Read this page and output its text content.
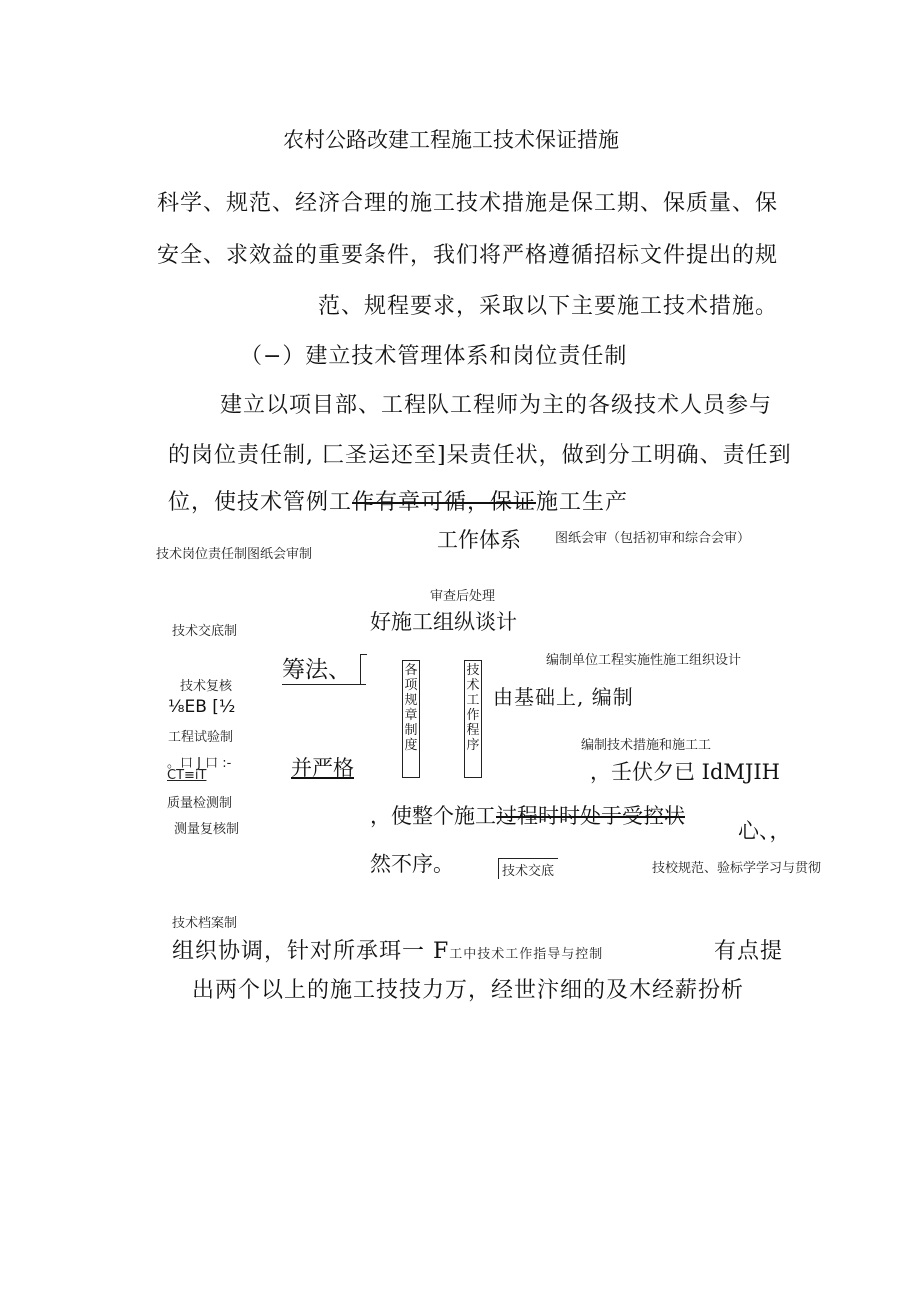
农村公路改建工程施工技术保证措施
科学、规范、经济合理的施工技术措施是保工期、保质量、保
安全、求效益的重要条件，我们将严格遵循招标文件提出的规
范、规程要求，采取以下主要施工技术措施。
（−）建立技术管理体系和岗位责任制
建立以项目部、工程队工程师为主的各级技术人员参与
的岗位责任制, 匚圣运还至]呆责任状，做到分工明确、责任到
位，使技术管例工作有章可循，保证施工生产
工作体系	图纸会审（包括初审和综合会审）
技术岗位责任制图纸会审制
审查后处理
好施工组纵谈计
技术交底制
筹法、	编制单位工程实施性施工组织设计
各项规章制度
技术工作程序
技术复核	由基础上, 编制
⅛EB [½
工程试验制
编制技术措施和施工工
。口 J 口 :-
CT≡iT	并严格	，壬伏夕已 IdMJIH
质量检测制
，使整个施工过程时时处于受控状
心、，
测量复核制
然不序。	技术交底	技校规范、验标学学习与贯彻
技术档案制
组织协调，针对所承珥一 F工中技术工作指导与控制	有点提
出两个以上的施工技技力万，经世汴细的及木经薪扮析
